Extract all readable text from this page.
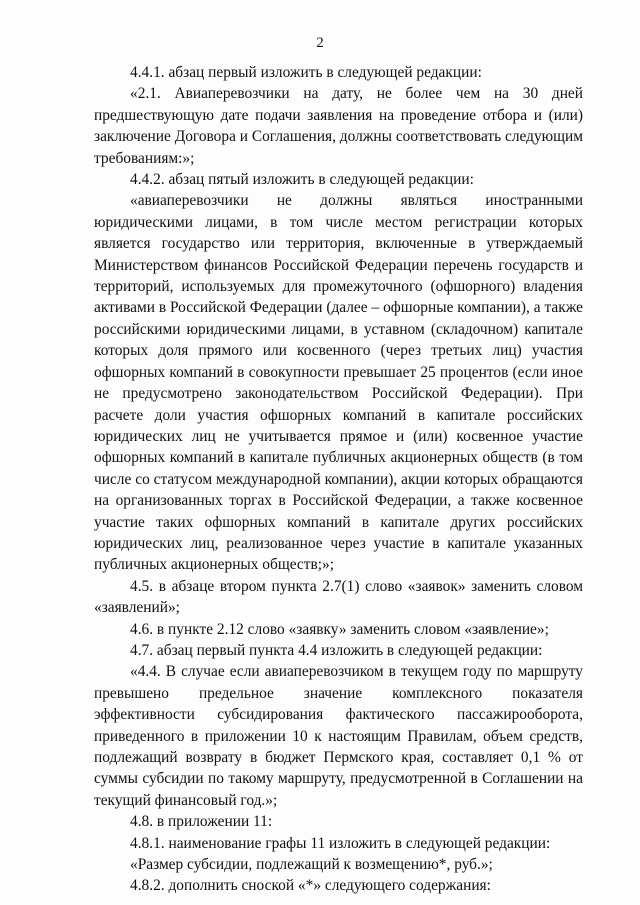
2

4.4.1. абзац первый изложить в следующей редакции:

«2.1. Авиаперевозчики на дату, не более чем на 30 дней предшествующую дате подачи заявления на проведение отбора и (или) заключение Договора и Соглашения, должны соответствовать следующим требованиям:»;

4.4.2. абзац пятый изложить в следующей редакции:

«авиаперевозчики не должны являться иностранными юридическими лицами, в том числе местом регистрации которых является государство или территория, включенные в утверждаемый Министерством финансов Российской Федерации перечень государств и территорий, используемых для промежуточного (офшорного) владения активами в Российской Федерации (далее – офшорные компании), а также российскими юридическими лицами, в уставном (складочном) капитале которых доля прямого или косвенного (через третьих лиц) участия офшорных компаний в совокупности превышает 25 процентов (если иное не предусмотрено законодательством Российской Федерации). При расчете доли участия офшорных компаний в капитале российских юридических лиц не учитывается прямое и (или) косвенное участие офшорных компаний в капитале публичных акционерных обществ (в том числе со статусом международной компании), акции которых обращаются на организованных торгах в Российской Федерации, а также косвенное участие таких офшорных компаний в капитале других российских юридических лиц, реализованное через участие в капитале указанных публичных акционерных обществ;»;

4.5. в абзаце втором пункта 2.7(1) слово «заявок» заменить словом «заявлений»;

4.6. в пункте 2.12 слово «заявку» заменить словом «заявление»;

4.7. абзац первый пункта 4.4 изложить в следующей редакции:

«4.4. В случае если авиаперевозчиком в текущем году по маршруту превышено предельное значение комплексного показателя эффективности субсидирования фактического пассажирооборота, приведенного в приложении 10 к настоящим Правилам, объем средств, подлежащий возврату в бюджет Пермского края, составляет 0,1 % от суммы субсидии по такому маршруту, предусмотренной в Соглашении на текущий финансовый год.»;

4.8. в приложении 11:

4.8.1. наименование графы 11 изложить в следующей редакции:

«Размер субсидии, подлежащий к возмещению*, руб.»;

4.8.2. дополнить сноской «*» следующего содержания:
